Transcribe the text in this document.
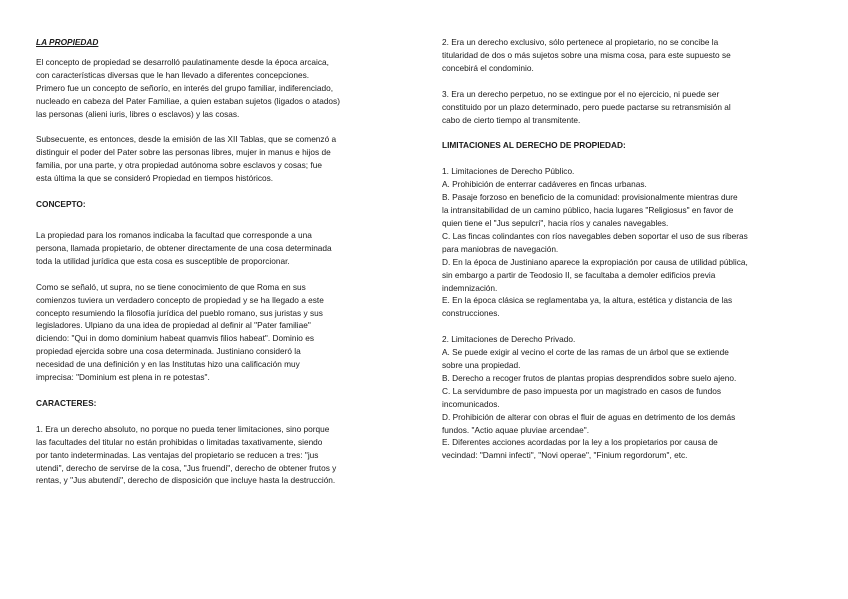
LA PROPIEDAD

El concepto de propiedad se desarrolló paulatinamente desde la época arcaica,
con características diversas que le han llevado a diferentes concepciones.
Primero fue un concepto de señorío, en interés del grupo familiar, indiferenciado,
nucleado en cabeza del Pater Familiae, a quien estaban sujetos (ligados o atados)
las personas (alieni iuris, libres o esclavos) y las cosas.

Subsecuente, es entonces, desde la emisión de las XII Tablas, que se comenzó a
distinguir el poder del Pater sobre las personas libres, mujer in manus e hijos de
familia, por una parte, y otra propiedad autónoma sobre esclavos y cosas; fue
esta última la que se consideró Propiedad en tiempos históricos.

CONCEPTO:

La propiedad para los romanos indicaba la facultad que corresponde a una
persona, llamada propietario, de obtener directamente de una cosa determinada
toda la utilidad jurídica que esta cosa es susceptible de proporcionar.

Como se señaló, ut supra, no se tiene conocimiento de que Roma en sus
comienzos tuviera un verdadero concepto de propiedad y se ha llegado a este
concepto resumiendo la filosofía jurídica del pueblo romano, sus juristas y sus
legisladores. Ulpiano da una idea de propiedad al definir al "Pater familiae"
diciendo: "Qui in domo dominium habeat quamvis filios habeat". Dominio es
propiedad ejercida sobre una cosa determinada. Justiniano consideró la
necesidad de una definición y en las Institutas hizo una calificación muy
imprecisa: "Dominium est plena in re potestas".

CARACTERES:

1. Era un derecho absoluto, no porque no pueda tener limitaciones, sino porque
las facultades del titular no están prohibidas o limitadas taxativamente, siendo
por tanto indeterminadas. Las ventajas del propietario se reducen a tres: "jus
utendi", derecho de servirse de la cosa, "Jus fruendi", derecho de obtener frutos y
rentas, y "Jus abutendi", derecho de disposición que incluye hasta la destrucción.

2. Era un derecho exclusivo, sólo pertenece al propietario, no se concibe la
titularidad de dos o más sujetos sobre una misma cosa, para este supuesto se
concebirá el condominio.

3. Era un derecho perpetuo, no se extingue por el no ejercicio, ni puede ser
constituido por un plazo determinado, pero puede pactarse su retransmisión al
cabo de cierto tiempo al transmitente.

LIMITACIONES AL DERECHO DE PROPIEDAD:

1. Limitaciones de Derecho Público.
A. Prohibición de enterrar cadáveres en fincas urbanas.
B. Pasaje forzoso en beneficio de la comunidad: provisionalmente mientras dure
la intransitabilidad de un camino público, hacia lugares "Religiosus" en favor de
quien tiene el "Jus sepulcri", hacia ríos y canales navegables.
C. Las fincas colindantes con ríos navegables deben soportar el uso de sus riberas
para maniobras de navegación.
D. En la época de Justiniano aparece la expropiación por causa de utilidad pública,
sin embargo a partir de Teodosio II, se facultaba a demoler edificios previa
indemnización.
E. En la época clásica se reglamentaba ya, la altura, estética y distancia de las
construcciones.

2. Limitaciones de Derecho Privado.
A. Se puede exigir al vecino el corte de las ramas de un árbol que se extiende
sobre una propiedad.
B. Derecho a recoger frutos de plantas propias desprendidos sobre suelo ajeno.
C. La servidumbre de paso impuesta por un magistrado en casos de fundos
incomunicados.
D. Prohibición de alterar con obras el fluir de aguas en detrimento de los demás
fundos. "Actio aquae pluviae arcendae".
E. Diferentes acciones acordadas por la ley a los propietarios por causa de
vecindad: "Damni infecti", "Novi operae", "Finium regordorum", etc.
